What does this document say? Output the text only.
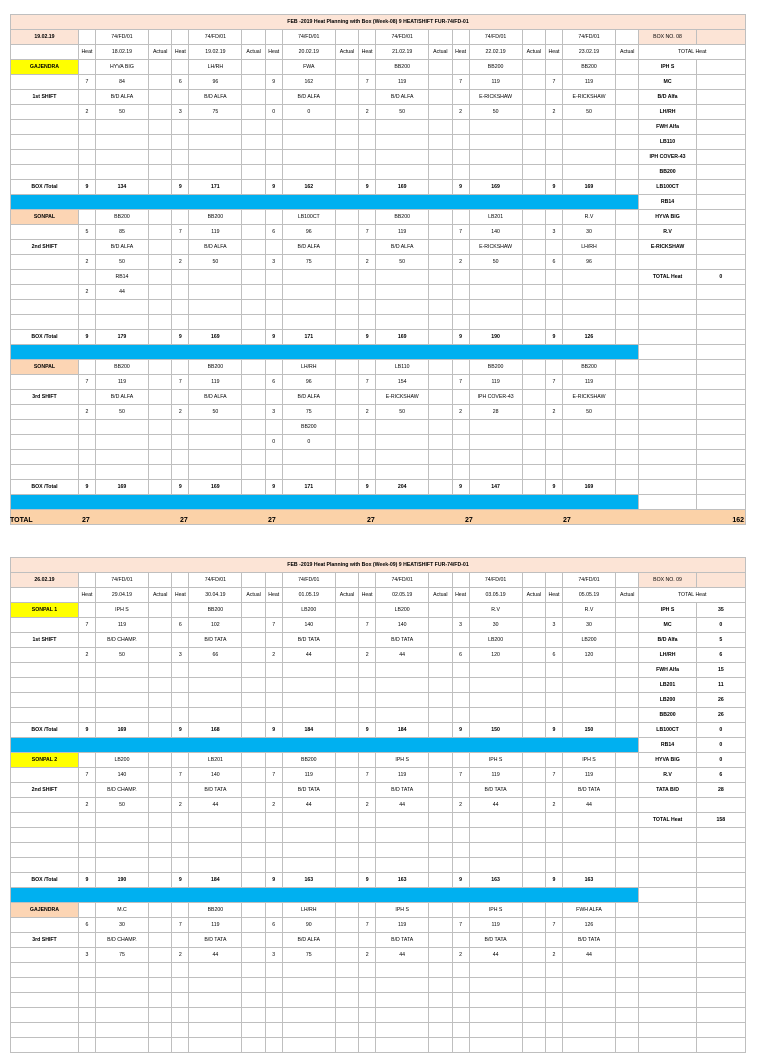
FEB -2019 Heat Planning with Box (Week-08) 9 HEAT/SHIFT FUR-74/FD-01																				
19.02.19		74/FD/01			74/FD/01			74/FD/01			74/FD/01			74/FD/01			74/FD/01		BOX NO. 08	
	Heat	18.02.19	Actual	Heat	19.02.19	Actual	Heat	20.02.19	Actual	Heat	21.02.19	Actual	Heat	22.02.19	Actual	Heat	23.02.19	Actual	TOTAL Heat	
GAJENDRA		HYVA BIG			LH/RH			FWA			BB200			BB200			BB200		IPH S	
	7	84		6	96		9	162		7	119		7	119		7	119		MC	
1st SHIFT		B/D ALFA			B/D ALFA			B/D ALFA			B/D ALFA			E-RICKSHAW			E-RICKSHAW		B/D Alfa	
	2	50		3	75		0	0		2	50		2	50		2	50		LH/RH	
																			FWH Alfa	
																			LB110	
																			IPH COVER-43	
																			BB200	
BOX /Total	9	134		9	171		9	162		9	169		9	169		9	169		LB100CT	
																			RB14	
SONPAL		BB200			BB200			LB100CT			BB200			LB201			R.V		HYVA BIG	
	5	85		7	119		6	96		7	119		7	140		3	30		R.V	
2nd SHIFT		B/D ALFA			B/D ALFA			B/D ALFA			B/D ALFA			E-RICKSHAW			LH/RH		E-RICKSHAW	
	2	50		2	50		3	75		2	50		2	50		6	96			
		RB14																	TOTAL Heat	0
	2	44																		

BOX /Total	9	179		9	169		9	171		9	169		9	190		9	126			

SONPAL		BB200			BB200			LH/RH			LB110			BB200			BB200			
	7	119		7	119		6	96		7	154		7	119		7	119			
3rd SHIFT		B/D ALFA			B/D ALFA			B/D ALFA			E-RICKSHAW			IPH COVER-43			E-RICKSHAW			
	2	50		2	50		3	75		2	50		2	28		2	50			
								BB200												
							0	0												

BOX /Total	9	169		9	169		9	171		9	204		9	147		9	169			

TOTAL	27	27	27	27	27	27	162
FEB -2019 Heat Planning with Box (Week-09) 9 HEAT/SHIFT FUR-74/FD-01																				
26.02.19		74/FD/01			74/FD/01			74/FD/01			74/FD/01			74/FD/01			74/FD/01		BOX NO. 09	
	Heat	29.04.19	Actual	Heat	30.04.19	Actual	Heat	01.05.19	Actual	Heat	02.05.19	Actual	Heat	03.05.19	Actual	Heat	05.05.19	Actual	TOTAL Heat	
SONPAL 1		IPH S			BB200			LB200			LB200			R.V			R.V		IPH S	35
	7	119		6	102		7	140		7	140		3	30		3	30		MC	0
1st SHIFT		B/D CHAMP.			B/D TATA			B/D TATA			B/D TATA			LB200			LB200		B/D Alfa	5
	2	50		3	66		2	44		2	44		6	120		6	120		LH/RH	6
																			FWH Alfa	15
																			LB201	11
																			LB200	26
																			BB200	26
BOX /Total	9	169		9	168		9	184		9	184		9	150		9	150		LB100CT	0
																			RB14	0
SONPAL 2		LB200			LB201			BB200			IPH S			IPH S			IPH S		HYVA BIG	0
	7	140		7	140		7	119		7	119		7	119		7	119		R.V	6
2nd SHIFT		B/D CHAMP.			B/D TATA			B/D TATA			B/D TATA			B/D TATA			B/D TATA		TATA B/D	28
	2	50		2	44		2	44		2	44		2	44		2	44			
																			TOTAL Heat	158

BOX /Total	9	190		9	184		9	163		9	163		9	163		9	163			

GAJENDRA		M.C			BB200			LH/RH			IPH S			IPH S			FWH ALFA			
	6	30		7	119		6	90		7	119		7	119		7	126			
3rd SHIFT		B/D CHAMP.			B/D TATA			B/D ALFA			B/D TATA			B/D TATA			B/D TATA			
	3	75		2	44		3	75		2	44		2	44		2	44			
